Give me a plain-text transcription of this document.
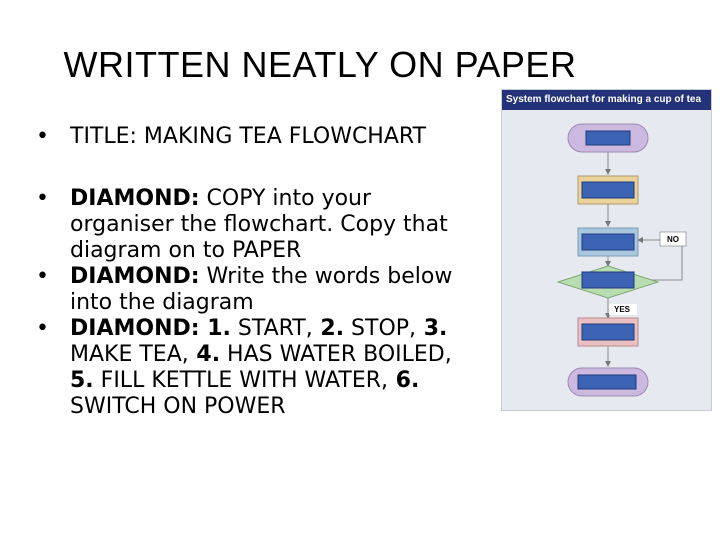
WRITTEN NEATLY ON PAPER
• TITLE: MAKING TEA FLOWCHART
• DIAMOND: COPY into your organiser the flowchart. Copy that diagram on to PAPER
• DIAMOND: Write the words below into the diagram
• DIAMOND: 1. START, 2. STOP, 3. MAKE TEA, 4. HAS WATER BOILED, 5. FILL KETTLE WITH WATER, 6. SWITCH ON POWER
System flowchart for making a cup of tea
NO
YES
